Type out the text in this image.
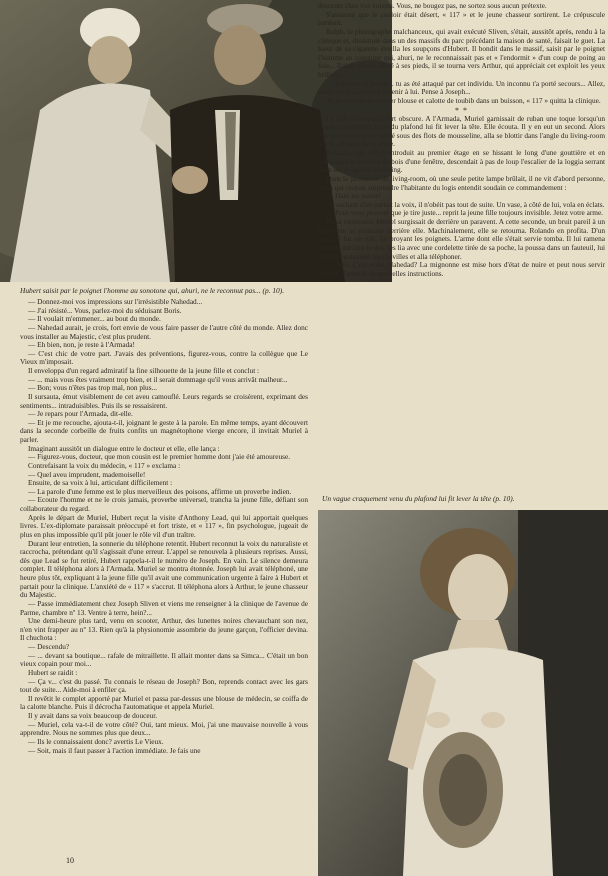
Hubert saisit par le poignet l'homme au sonotone qui, ahuri, ne le reconnut pas... (p. 10).

descente chez vos voisins. Vous, ne bougez pas, ne sortez sous aucun prétexte.

S'assurant que le couloir était désert, « 117 » et le jeune chasseur sortirent. Le crépuscule tombait.

Ralph, le photographe malchanceux, qui avait exécuté Sliven, s'était, aussitôt après, rendu à la clinique et, dissimulé dans un des massifs du parc précédant la maison de santé, faisait le guet. La lueur de sa cigarette éveilla les soupçons d'Hubert. Il bondit dans le massif, saisit par le poignet l'homme au sonotone qui, ahuri, ne le reconnaissait pas et « l'endormit » d'un coup de poing au foie... Ralph s'étant affalé à ses pieds, il se tourna vers Arthur, qui appréciait cet exploit les yeux brillants.

— Prévions la police... tu as été attaqué par cet individu. Un inconnu t'a porté secours... Allez, ouste, ne le laisse pas revenir à lui. Pense à Joseph...

Ayant envoyé promener blouse et calotte de toubib dans un buisson, « 117 » quitta la clinique.

* *

La nuit s'annonçait fort obscure. A l'Armada, Muriel garnissait de ruban une toque lorsqu'un vague craquement venu du plafond lui fit lever la tête. Elle écouta. Il y en eut un second. Alors elle prit un revolver caché sous des flots de mousseline, alla se blottir dans l'angle du living-room le plus éloigné de la porte.

Rolando, qui s'était introduit au premier étage en se hissant le long d'une gouttière et en découpant la jalousie de bois d'une fenêtre, descendait à pas de loup l'escalier de la loggia serrant dans ses doigts un browning.

Dans la pénombre du living-room, où une seule petite lampe brûlait, il ne vit d'abord personne, et lui qui croyait surprendre l'habitante du logis entendit soudain ce commandement :

— Haut les mains!

Ne sachant d'où partait la voix, il n'obéit pas tout de suite. Un vase, à côté de lui, vola en éclats.

— Pour vous prouver que je tire juste... reprit la jeune fille toujours invisible. Jetez votre arme.

Il dut s'exécuter. Muriel surgissait de derrière un paravent. A cette seconde, un bruit pareil à un frôlement se produisit derrière elle. Machinalement, elle se retourna. Rolando en profita. D'un bond, il fut sur elle, lui broyant les poignets. L'arme dont elle s'était servie tomba. Il lui ramena les bras derrière le dos, les lia avec une cordelette tirée de sa poche, la poussa dans un fauteuil, lui attacha également les chevilles et alla téléphoner.

— Allô. C'est vous, Nahedad? La mignonne est mise hors d'état de nuire et peut nous servir d'otage. J'attends de nouvelles instructions.

Un vague craquement venu du plafond lui fit lever la tête (p. 10).

— Donnez-moi vos impressions sur l'irrésistible Nahedad...

— J'ai résisté... Vous, parlez-moi du séduisant Boris.

— Il voulait m'emmener... au bout du monde.

— Nahedad aurait, je crois, fort envie de vous faire passer de l'autre côté du monde. Allez donc vous installer au Majestic, c'est plus prudent.

— Eh bien, non, je reste à l'Armada!

— C'est chic de votre part. J'avais des préventions, figurez-vous, contre la collègue que Le Vieux m'imposait.

Il enveloppa d'un regard admiratif la fine silhouette de la jeune fille et conclut :

— ... mais vous êtes vraiment trop bien, et il serait dommage qu'il vous arrivât malheur...

— Bon; vous n'êtes pas trop mal, non plus...

Il sursauta, émut visiblement de cet aveu camouflé. Leurs regards se croisèrent, exprimant des sentiments... intraduisibles. Puis ils se ressaisirent.

— Je repars pour l'Armada, dit-elle.

— Et je me recouche, ajouta-t-il, joignant le geste à la parole. En même temps, ayant découvert dans la seconde corbeille de fruits confits un magnétophone vierge encore, il invitait Muriel à parler.

Imaginant aussitôt un dialogue entre le docteur et elle, elle lança :

— Figurez-vous, docteur, que mon cousin est le premier homme dont j'aie été amoureuse.

Contrefaisant la voix du médecin, « 117 » exclama :

— Quel aveu imprudent, mademoiselle!

Ensuite, de sa voix à lui, articulant difficilement :

— La parole d'une femme est le plus merveilleux des poisons, affirme un proverbe indien.

— Ecoute l'homme et ne le crois jamais, proverbe universel, trancha la jeune fille, défiant son collaborateur du regard.

Après le départ de Muriel, Hubert reçut la visite d'Anthony Lead, qui lui apportait quelques livres. L'ex-diplomate paraissait préoccupé et fort triste, et « 117 », fin psychologue, jugeait de plus en plus impossible qu'il pût jouer le rôle vil d'un traître.

Durant leur entretien, la sonnerie du téléphone retentit. Hubert reconnut la voix du naturaliste et raccrocha, prétendant qu'il s'agissait d'une erreur. L'appel se renouvela à plusieurs reprises. Aussi, dès que Lead se fut retiré, Hubert rappela-t-il le numéro de Joseph. En vain. Le silence demeura complet. Il téléphona alors à l'Armada. Muriel se montra étonnée. Joseph lui avait téléphoné, une heure plus tôt, expliquant à la jeune fille qu'il avait une communication urgente à faire à Hubert et partait pour la clinique. L'anxiété de « 117 » s'accrut. Il téléphona alors à Arthur, le jeune chasseur du Majestic.

— Passe immédiatement chez Joseph Sliven et viens me renseigner à la clinique de l'avenue de Parme, chambre nº 13. Ventre à terre, hein?...

Une demi-heure plus tard, venu en scooter, Arthur, des lunettes noires chevauchant son nez, n'en vint frapper au nº 13. Rien qu'à la physionomie assombrie du jeune garçon, l'officier devina. Il chuchota :

— Descendu?

— ... devant sa boutique... rafale de mitraillette. Il allait monter dans sa Simca... C'était un bon vieux copain pour moi...

Hubert se raidit :

— Ça v... c'est du passé. Tu connais le réseau de Joseph? Bon, reprends contact avec les gars tout de suite... Aide-moi à enfiler ça.

Il revêtit le complet apporté par Muriel et passa par-dessus une blouse de médecin, se coiffa de la calotte blanche. Puis il décrocha l'automatique et appela Muriel.

Il y avait dans sa voix beaucoup de douceur.

— Muriel, cela va-t-il de votre côté? Oui, tant mieux. Moi, j'ai une mauvaise nouvelle à vous apprendre. Nous ne sommes plus que deux...

— Ils le connaissaient donc? avertis Le Vieux.

— Soit, mais il faut passer à l'action immédiate. Je fais une

10
